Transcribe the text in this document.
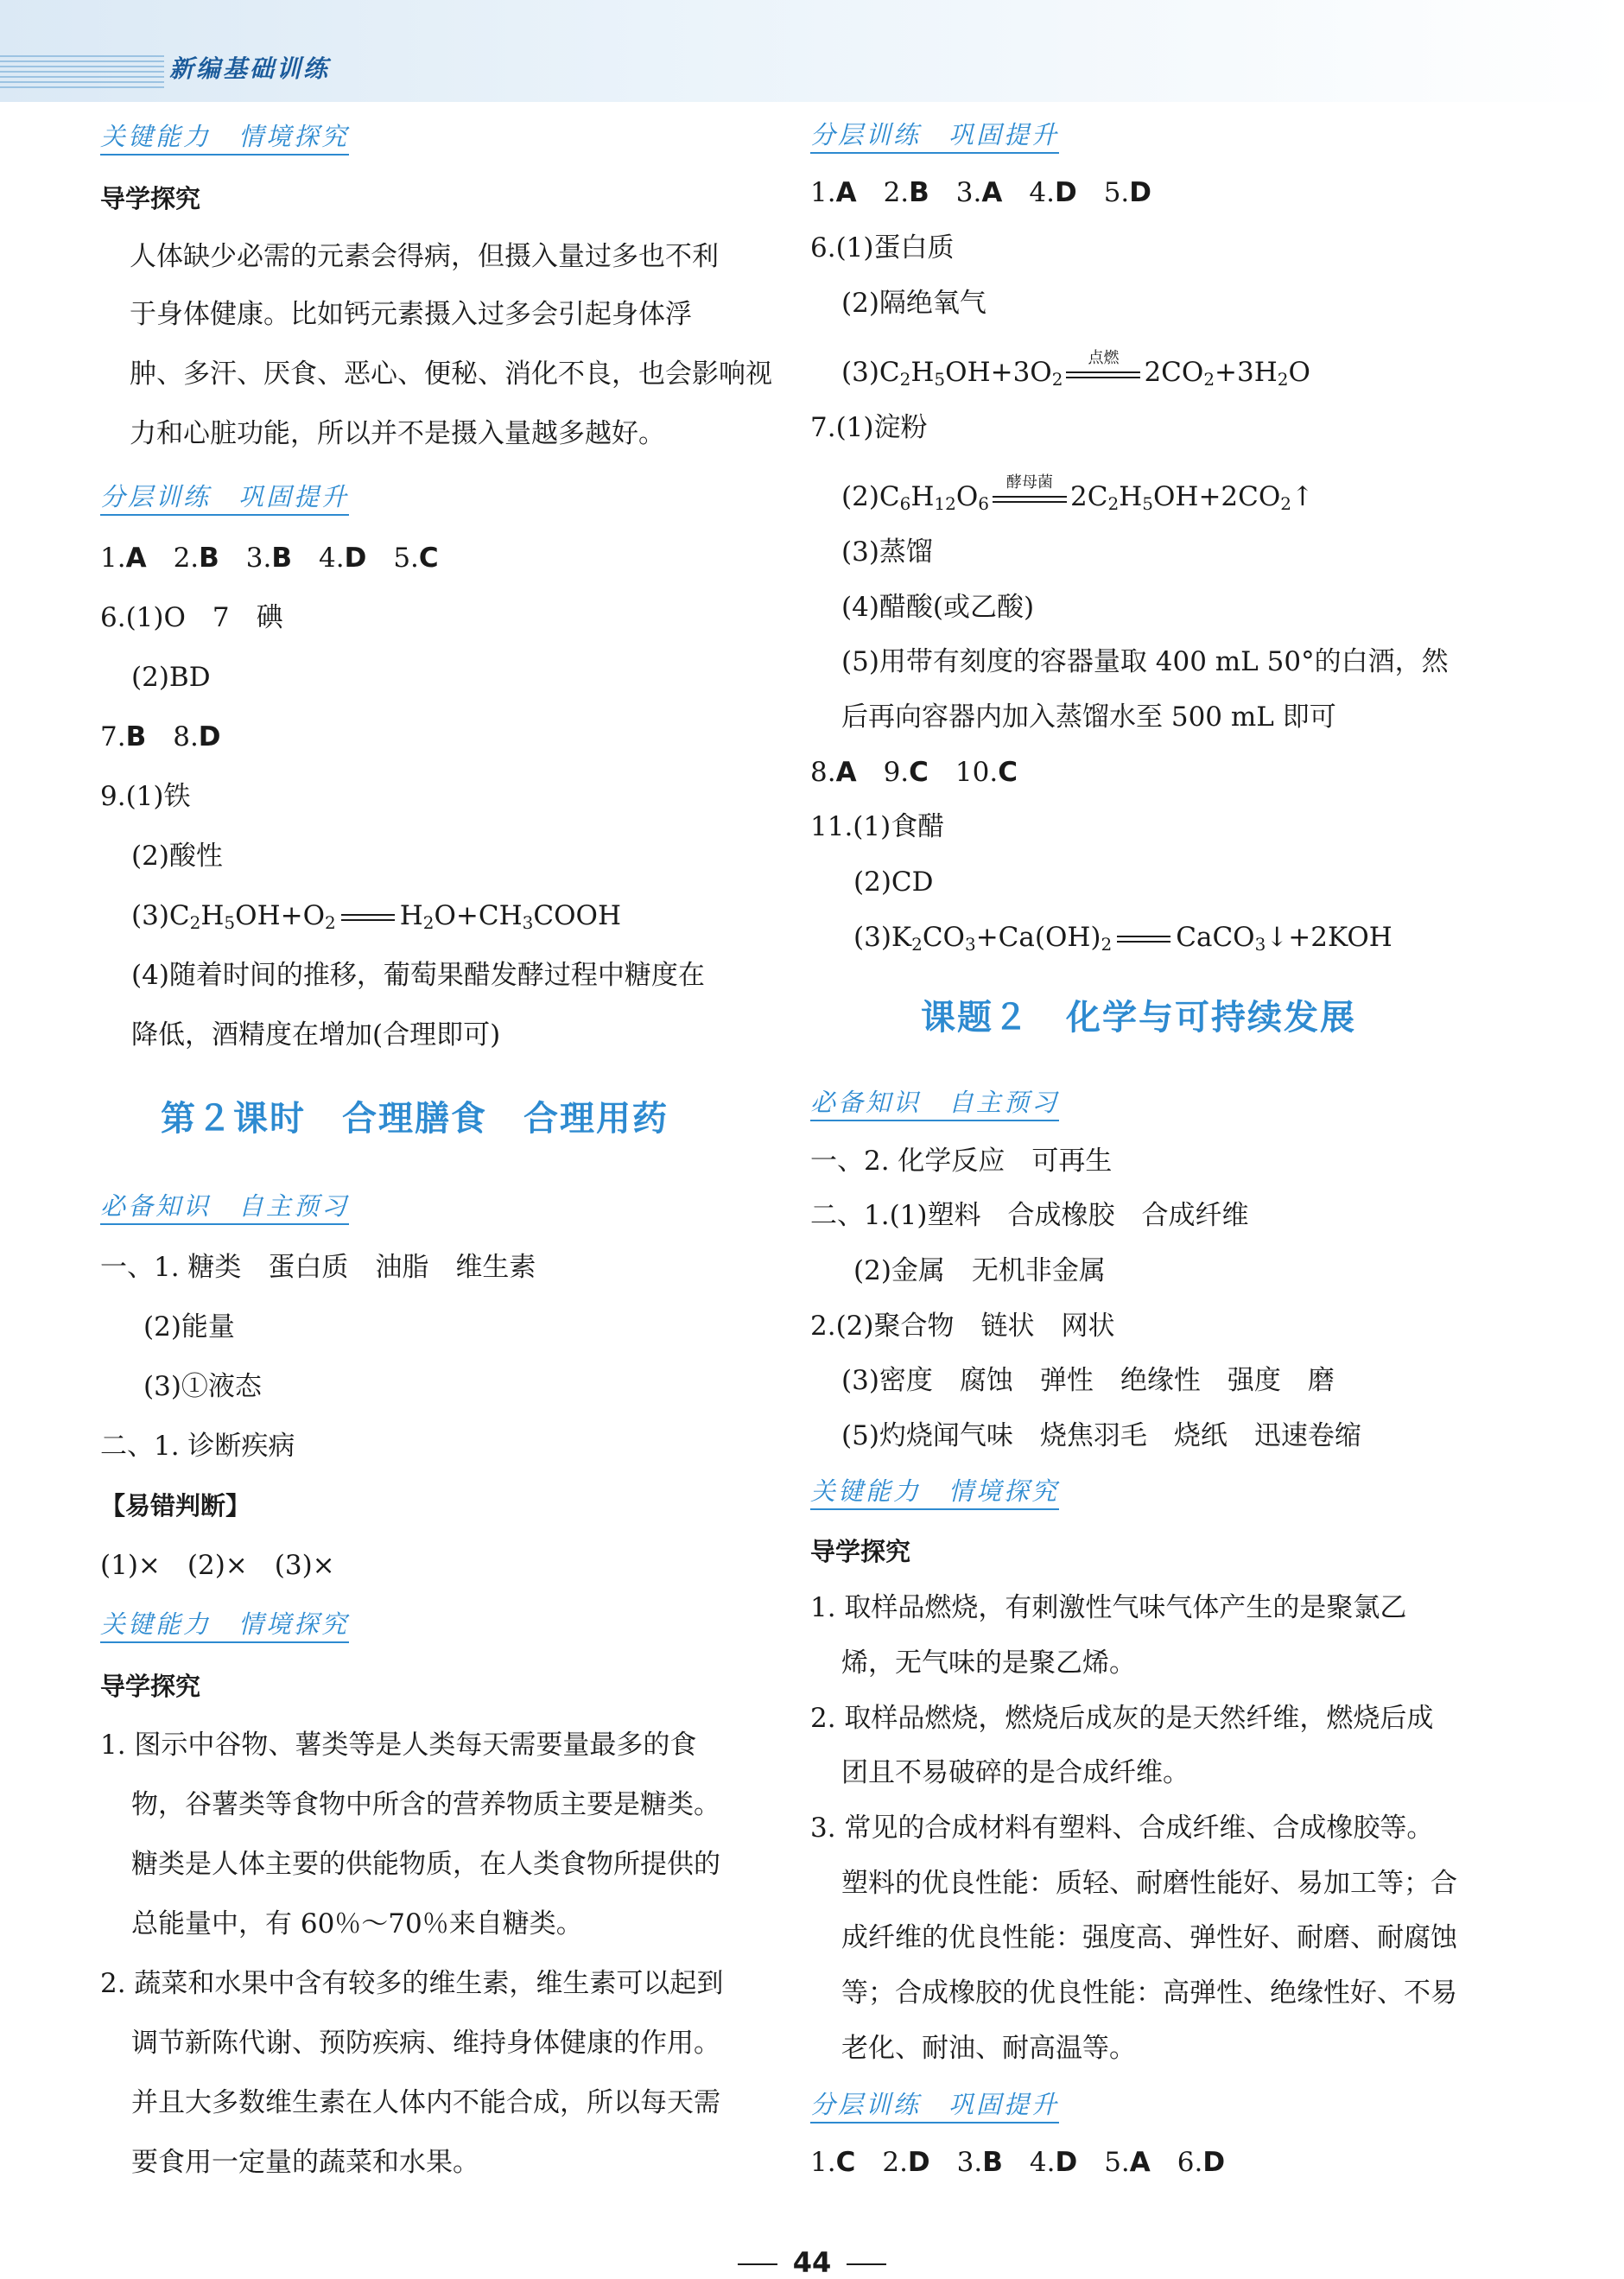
新编基础训练
关键能力　情境探究
导学探究
人体缺少必需的元素会得病，但摄入量过多也不利
于身体健康。比如钙元素摄入过多会引起身体浮
肿、多汗、厌食、恶心、便秘、消化不良，也会影响视
力和心脏功能，所以并不是摄入量越多越好。
分层训练　巩固提升
1.A　 2.B　 3.B　 4.D　 5.C
6.(1)O　7　碘
(2)BD
7.B　 8.D
9.(1)铁
(2)酸性
$(3)C_2H_5OH+O_2$ $H_2O+CH_3COOH$
(4)随着时间的推移，葡萄果醋发酵过程中糖度在
降低，酒精度在增加(合理即可)
第２课时　合理膳食　合理用药
必备知识　自主预习
一、1. 糖类　蛋白质　油脂　维生素
(2)能量
(3)①液态
二、1. 诊断疾病
【易错判断】
(1)×　(2)×　(3)×
关键能力　情境探究
导学探究
1. 图示中谷物、薯类等是人类每天需要量最多的食
物，谷薯类等食物中所含的营养物质主要是糖类。
糖类是人体主要的供能物质，在人类食物所提供的
总能量中，有 60％～70％来自糖类。
2. 蔬菜和水果中含有较多的维生素，维生素可以起到
调节新陈代谢、预防疾病、维持身体健康的作用。
并且大多数维生素在人体内不能合成，所以每天需
要食用一定量的蔬菜和水果。
分层训练　巩固提升
1.A　 2.B　 3.A　 4.D　 5.D
6.(1)蛋白质
(2)隔绝氧气
$(3)C_2H_5OH+3O_2$
点燃 $2CO_2+3H_2O$
7.(1)淀粉
$(2)C_6H_{12}O_6$
酵母菌 $2C_2H_5OH+2CO_2↑$
(3)蒸馏
(4)醋酸(或乙酸)
(5)用带有刻度的容器量取 400 mL 50°的白酒，然
后再向容器内加入蒸馏水至 500 mL 即可
8.A　 9.C　 10.C
11.(1)食醋
(2)CD
$(3)K_2CO_3+Ca(OH)_2$ CaCO$_3$↓+2KOH
课题２　化学与可持续发展
必备知识　自主预习
一、2. 化学反应　可再生
二、1.(1)塑料　合成橡胶　合成纤维
(2)金属　无机非金属
2.(2)聚合物　链状　网状
(3)密度　腐蚀　弹性　绝缘性　强度　磨
(5)灼烧闻气味　烧焦羽毛　烧纸　迅速卷缩
关键能力　情境探究
导学探究
1. 取样品燃烧，有刺激性气味气体产生的是聚氯乙
烯，无气味的是聚乙烯。
2. 取样品燃烧，燃烧后成灰的是天然纤维，燃烧后成
团且不易破碎的是合成纤维。
3. 常见的合成材料有塑料、合成纤维、合成橡胶等。
塑料的优良性能：质轻、耐磨性能好、易加工等；合
成纤维的优良性能：强度高、弹性好、耐磨、耐腐蚀
等；合成橡胶的优良性能：高弹性、绝缘性好、不易
老化、耐油、耐高温等。
分层训练　巩固提升
1.C　 2.D　 3.B　 4.D　 5.A　 6.D
44
